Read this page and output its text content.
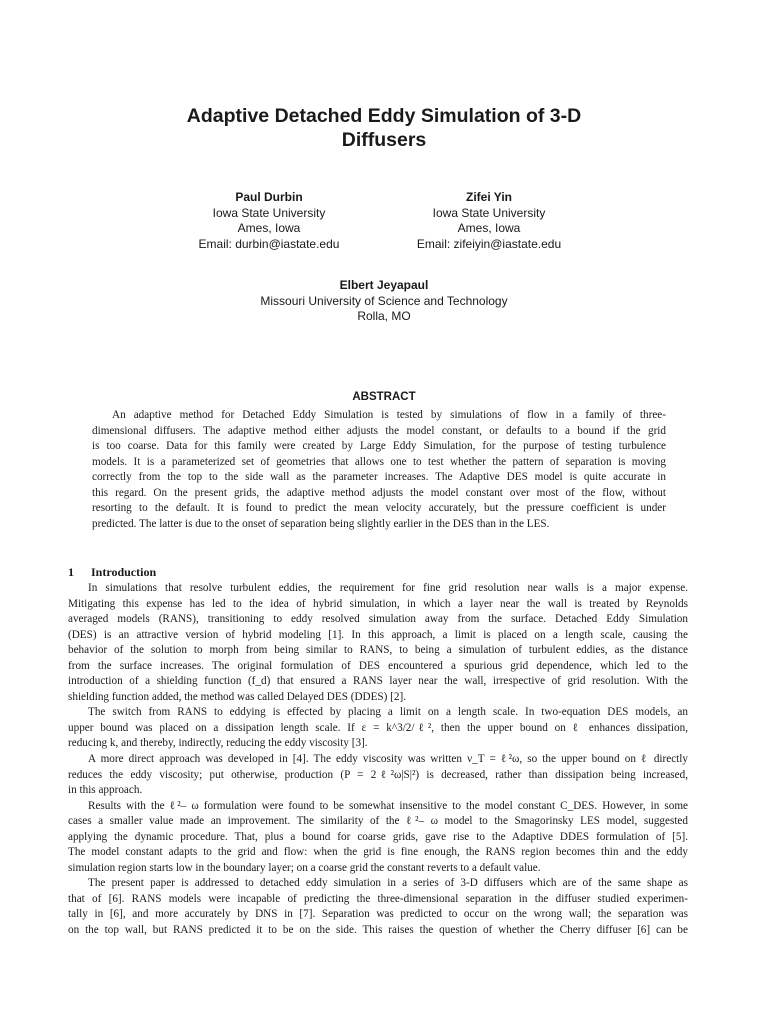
Adaptive Detached Eddy Simulation of 3-D
Diffusers
Paul Durbin
Iowa State University
Ames, Iowa
Email: durbin@iastate.edu
Zifei Yin
Iowa State University
Ames, Iowa
Email: zifeiyin@iastate.edu
Elbert Jeyapaul
Missouri University of Science and Technology
Rolla, MO
ABSTRACT
An adaptive method for Detached Eddy Simulation is tested by simulations of flow in a family of three-
dimensional diffusers. The adaptive method either adjusts the model constant, or defaults to a bound if the grid
is too coarse. Data for this family were created by Large Eddy Simulation, for the purpose of testing turbulence
models. It is a parameterized set of geometries that allows one to test whether the pattern of separation is moving
correctly from the top to the side wall as the parameter increases. The Adaptive DES model is quite accurate in
this regard. On the present grids, the adaptive method adjusts the model constant over most of the flow, without
resorting to the default. It is found to predict the mean velocity accurately, but the pressure coefficient is under
predicted. The latter is due to the onset of separation being slightly earlier in the DES than in the LES.
1 Introduction
In simulations that resolve turbulent eddies, the requirement for fine grid resolution near walls is a major expense.
Mitigating this expense has led to the idea of hybrid simulation, in which a layer near the wall is treated by Reynolds
averaged models (RANS), transitioning to eddy resolved simulation away from the surface. Detached Eddy Simulation
(DES) is an attractive version of hybrid modeling [1]. In this approach, a limit is placed on a length scale, causing the
behavior of the solution to morph from being similar to RANS, to being a simulation of turbulent eddies, as the distance
from the surface increases. The original formulation of DES encountered a spurious grid dependence, which led to the
introduction of a shielding function (f_d) that ensured a RANS layer near the wall, irrespective of grid resolution. With the
shielding function added, the method was called Delayed DES (DDES) [2].
The switch from RANS to eddying is effected by placing a limit on a length scale. In two-equation DES models, an
upper bound was placed on a dissipation length scale. If ε = k^3/2/ℓ², then the upper bound on ℓ enhances dissipation,
reducing k, and thereby, indirectly, reducing the eddy viscosity [3].
A more direct approach was developed in [4]. The eddy viscosity was written ν_T = ℓ²ω, so the upper bound on ℓ directly
reduces the eddy viscosity; put otherwise, production (P = 2ℓ²ω|S|²) is decreased, rather than dissipation being increased,
in this approach.
Results with the ℓ²– ω formulation were found to be somewhat insensitive to the model constant C_DES. However, in some
cases a smaller value made an improvement. The similarity of the ℓ²– ω model to the Smagorinsky LES model, suggested
applying the dynamic procedure. That, plus a bound for coarse grids, gave rise to the Adaptive DDES formulation of [5].
The model constant adapts to the grid and flow: when the grid is fine enough, the RANS region becomes thin and the eddy
simulation region starts low in the boundary layer; on a coarse grid the constant reverts to a default value.
The present paper is addressed to detached eddy simulation in a series of 3-D diffusers which are of the same shape as
that of [6]. RANS models were incapable of predicting the three-dimensional separation in the diffuser studied experimen-
tally in [6], and more accurately by DNS in [7]. Separation was predicted to occur on the wrong wall; the separation was
on the top wall, but RANS predicted it to be on the side. This raises the question of whether the Cherry diffuser [6] can be
